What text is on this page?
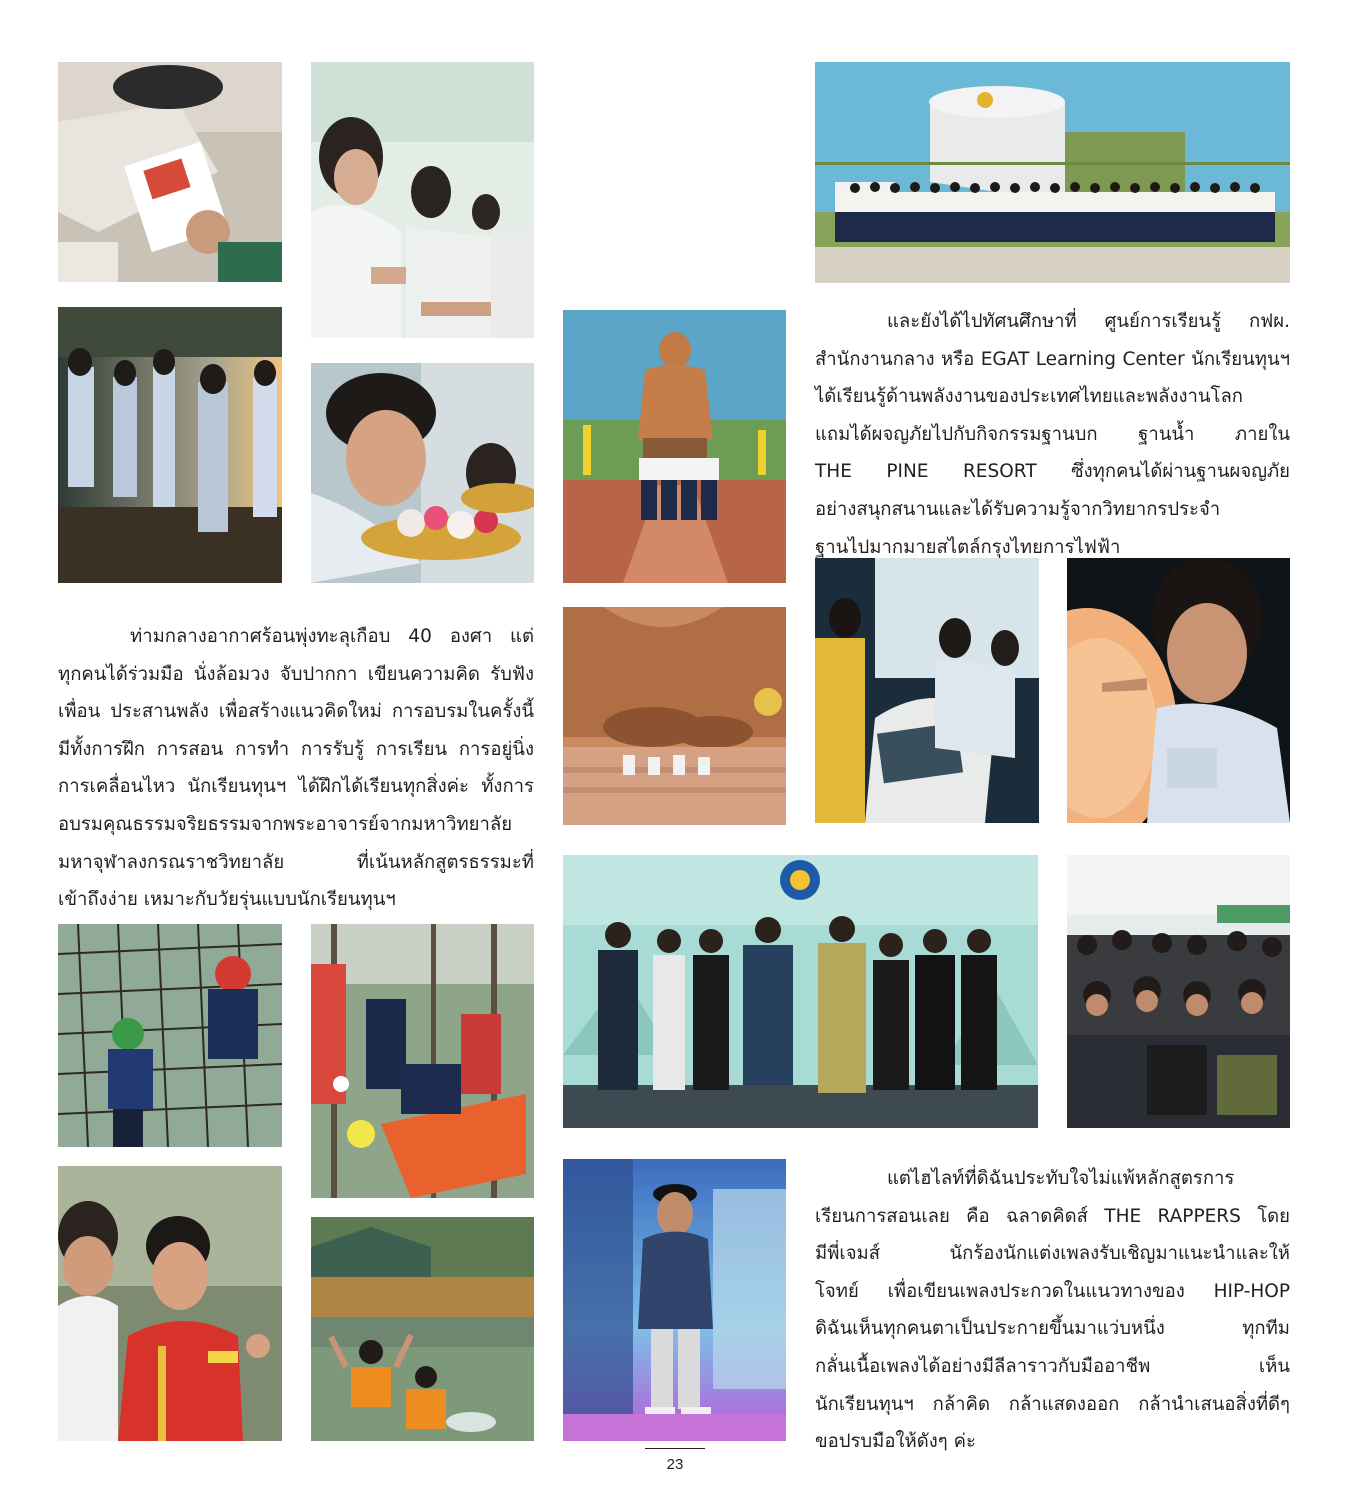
และยังได้ไปทัศนศึกษาที่ ศูนย์การเรียนรู้ กฟผ.
สำนักงานกลาง หรือ EGAT Learning Center นักเรียนทุนฯ
ได้เรียนรู้ด้านพลังงานของประเทศไทยและพลังงานโลก
แถมได้ผจญภัยไปกับกิจกรรมฐานบก ฐานน้ำ ภายใน
THE PINE RESORT ซึ่งทุกคนได้ผ่านฐานผจญภัย
อย่างสนุกสนานและได้รับความรู้จากวิทยากรประจำ
ฐานไปมากมายสไตล์กรุงไทยการไฟฟ้า
ท่ามกลางอากาศร้อนพุ่งทะลุเกือบ 40 องศา แต่
ทุกคนได้ร่วมมือ นั่งล้อมวง จับปากกา เขียนความคิด รับฟัง
เพื่อน ประสานพลัง เพื่อสร้างแนวคิดใหม่ การอบรมในครั้งนี้
มีทั้งการฝึก การสอน การทำ การรับรู้ การเรียน การอยู่นิ่ง
การเคลื่อนไหว นักเรียนทุนฯ ได้ฝึกได้เรียนทุกสิ่งค่ะ ทั้งการ
อบรมคุณธรรมจริยธรรมจากพระอาจารย์จากมหาวิทยาลัย
มหาจุฬาลงกรณราชวิทยาลัย ที่เน้นหลักสูตรธรรมะที่
เข้าถึงง่าย เหมาะกับวัยรุ่นแบบนักเรียนทุนฯ
แต่ไฮไลท์ที่ดิฉันประทับใจไม่แพ้หลักสูตรการ
เรียนการสอนเลย คือ ฉลาดคิดส์ THE RAPPERS โดย
มีพี่เจมส์ นักร้องนักแต่งเพลงรับเชิญมาแนะนำและให้
โจทย์ เพื่อเขียนเพลงประกวดในแนวทางของ HIP-HOP
ดิฉันเห็นทุกคนตาเป็นประกายขึ้นมาแว่บหนึ่ง ทุกทีม
กลั่นเนื้อเพลงได้อย่างมีลีลาราวกับมืออาชีพ เห็น
นักเรียนทุนฯ กล้าคิด กล้าแสดงออก กล้านำเสนอสิ่งที่ดีๆ
ขอปรบมือให้ดังๆ ค่ะ
23
